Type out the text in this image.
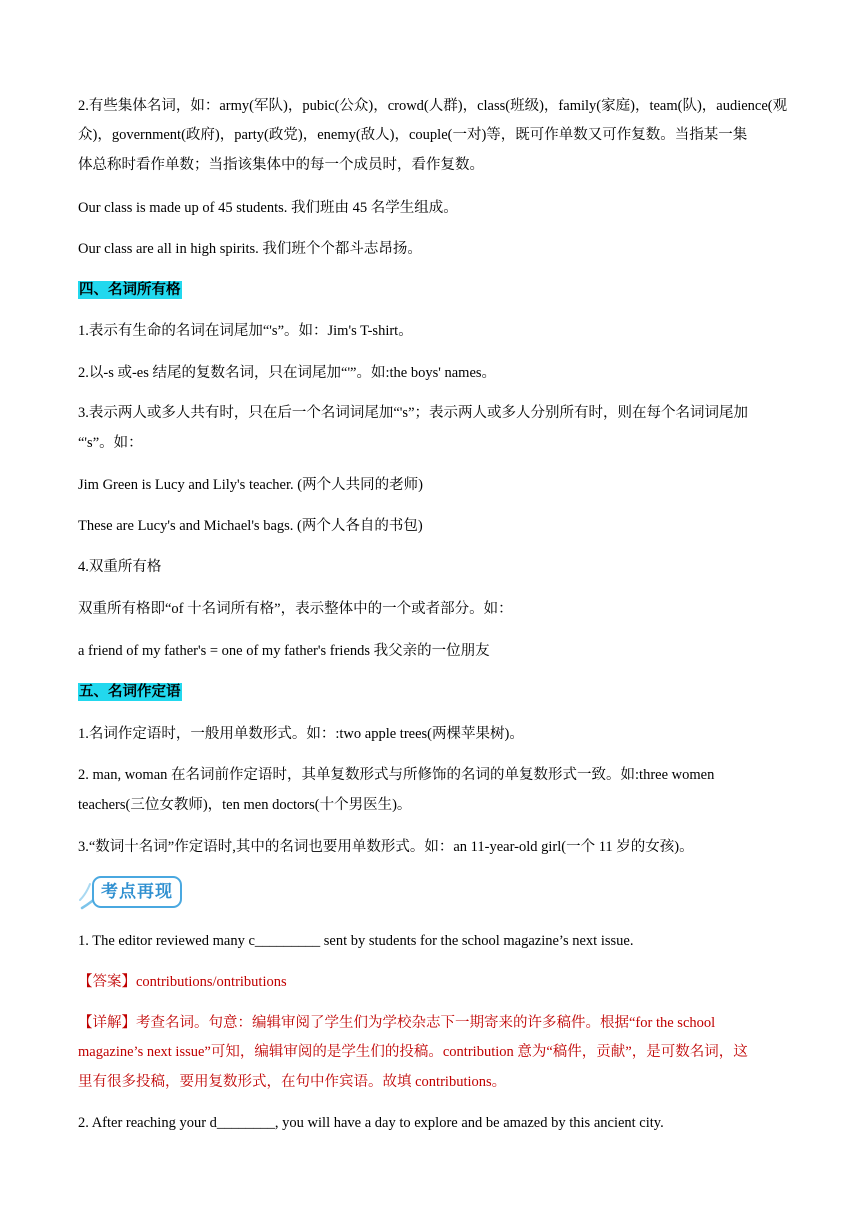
2.有些集体名词，如：army(军队)，pubic(公众)，crowd(人群)，class(班级)，family(家庭)，team(队)，audience(观

众)，government(政府)，party(政党)，enemy(敌人)，couple(一对)等，既可作单数又可作复数。当指某一集

体总称时看作单数；当指该集体中的每一个成员时，看作复数。

Our class is made up of 45 students. 我们班由 45 名学生组成。

Our class are all in high spirits. 我们班个个都斗志昂扬。

四、名词所有格

1.表示有生命的名词在词尾加“'s”。如：Jim's T-shirt。

2.以-s 或-es 结尾的复数名词，只在词尾加“'”。如:the boys' names。

3.表示两人或多人共有时，只在后一个名词词尾加“'s”；表示两人或多人分别所有时，则在每个名词词尾加

“'s”。如：

Jim Green is Lucy and Lily's teacher. (两个人共同的老师)

These are Lucy's and Michael's bags. (两个人各自的书包)

4.双重所有格

双重所有格即“of 十名词所有格”，表示整体中的一个或者部分。如：

a friend of my father's = one of my father's friends 我父亲的一位朋友

五、名词作定语

1.名词作定语时，一般用单数形式。如：:two apple trees(两棵苹果树)。

2. man, woman 在名词前作定语时，其单复数形式与所修饰的名词的单复数形式一致。如:three women

teachers(三位女教师)，ten men doctors(十个男医生)。

3.“数词十名词”作定语时,其中的名词也要用单数形式。如：an 11-year-old girl(一个 11 岁的女孩)。

考点再现

1. The editor reviewed many c_________ sent by students for the school magazine’s next issue.

【答案】contributions/ontributions

【详解】考查名词。句意：编辑审阅了学生们为学校杂志下一期寄来的许多稿件。根据“for the school

magazine’s next issue”可知，编辑审阅的是学生们的投稿。contribution 意为“稿件，贡献”，是可数名词，这

里有很多投稿，要用复数形式，在句中作宾语。故填 contributions。

2. After reaching your d________, you will have a day to explore and be amazed by this ancient city.
